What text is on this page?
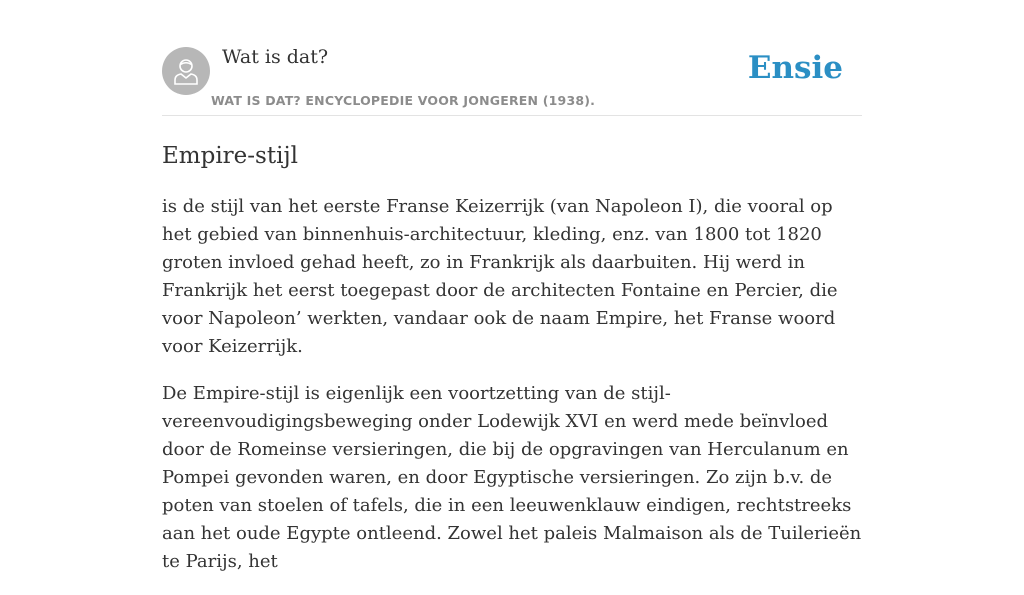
Wat is dat?
WAT IS DAT? ENCYCLOPEDIE VOOR JONGEREN (1938).
Ensie
Empire-stijl

is de stijl van het eerste Franse Keizerrijk (van Napoleon I), die vooral op het gebied van binnenhuis-architectuur, kleding, enz. van 1800 tot 1820 groten invloed gehad heeft, zo in Frankrijk als daarbuiten. Hij werd in Frankrijk het eerst toegepast door de architecten Fontaine en Percier, die voor Napoleon’ werkten, vandaar ook de naam Empire, het Franse woord voor Keizerrijk.

De Empire-stijl is eigenlijk een voortzetting van de stijl-vereenvoudigingsbeweging onder Lodewijk XVI en werd mede beïnvloed door de Romeinse versieringen, die bij de opgravingen van Herculanum en Pompei gevonden waren, en door Egyptische versieringen. Zo zijn b.v. de poten van stoelen of tafels, die in een leeuwenklauw eindigen, rechtstreeks aan het oude Egypte ontleend. Zowel het paleis Malmaison als de Tuilerieën te Parijs, het
